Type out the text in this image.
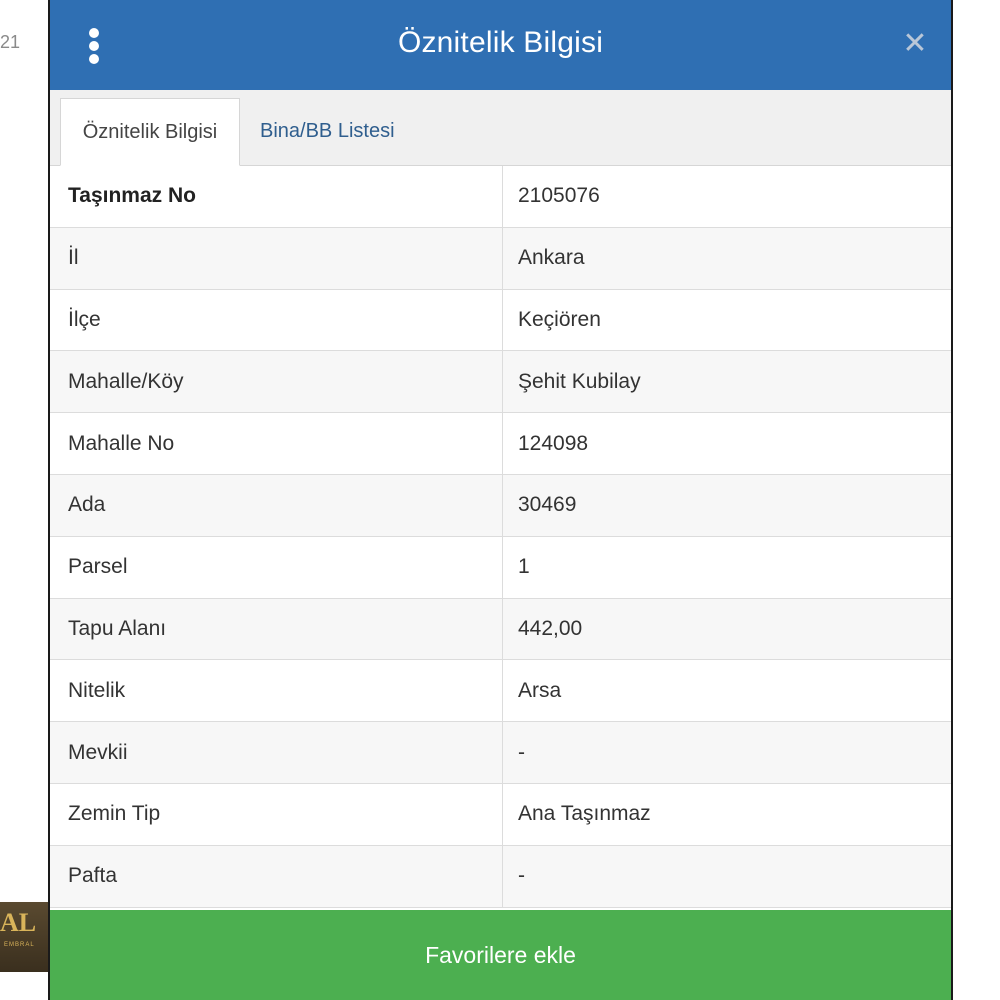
21
AL
EMBRAL
Öznitelik Bilgisi	✕
Öznitelik Bilgisi	Bina/BB Listesi
Taşınmaz No	2105076
İl	Ankara
İlçe	Keçiören
Mahalle/Köy	Şehit Kubilay
Mahalle No	124098
Ada	30469
Parsel	1
Tapu Alanı	442,00
Nitelik	Arsa
Mevkii	-
Zemin Tip	Ana Taşınmaz
Pafta	-
Favorilere ekle
